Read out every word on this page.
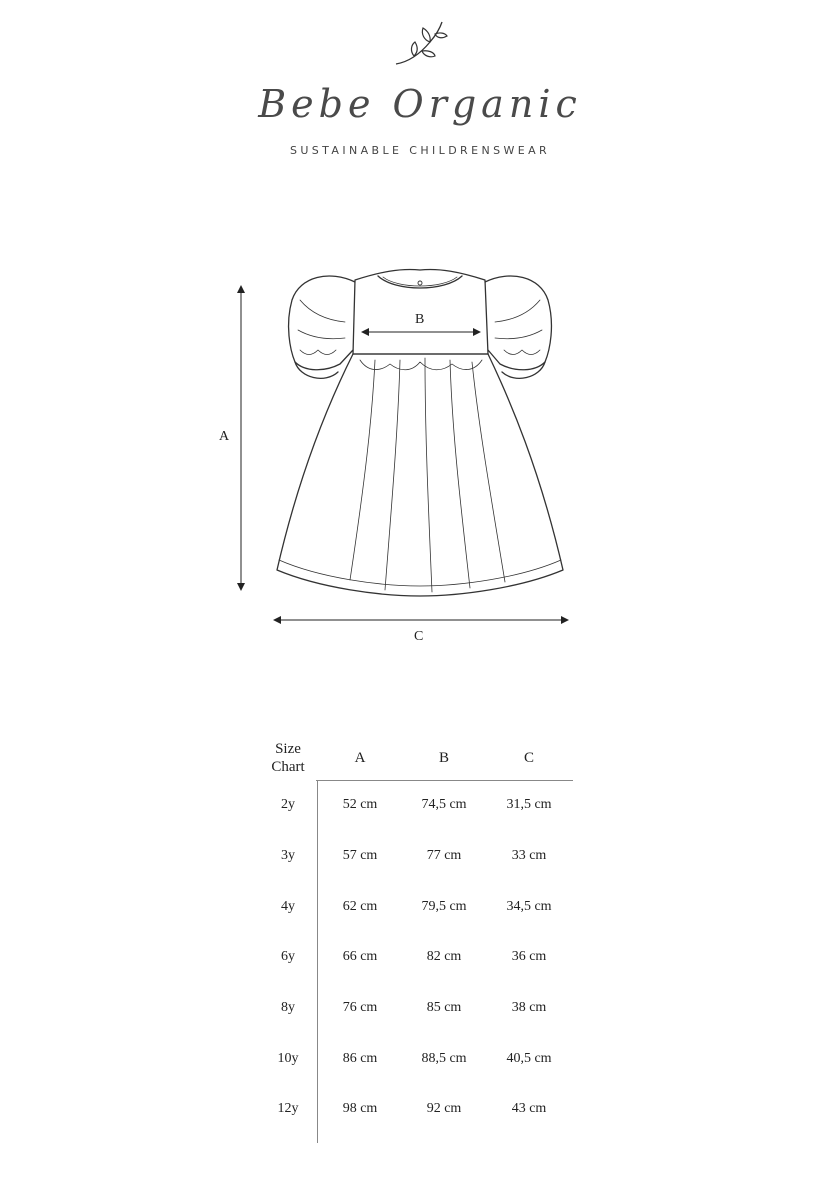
Bebe Organic
SUSTAINABLE CHILDRENSWEAR
A
B
C
Size
Chart	A	B	C
2y	52 cm	74,5 cm	31,5 cm
3y	57 cm	77 cm	33 cm
4y	62 cm	79,5 cm	34,5 cm
6y	66 cm	82 cm	36 cm
8y	76 cm	85 cm	38 cm
10y	86 cm	88,5 cm	40,5 cm
12y	98 cm	92 cm	43 cm
